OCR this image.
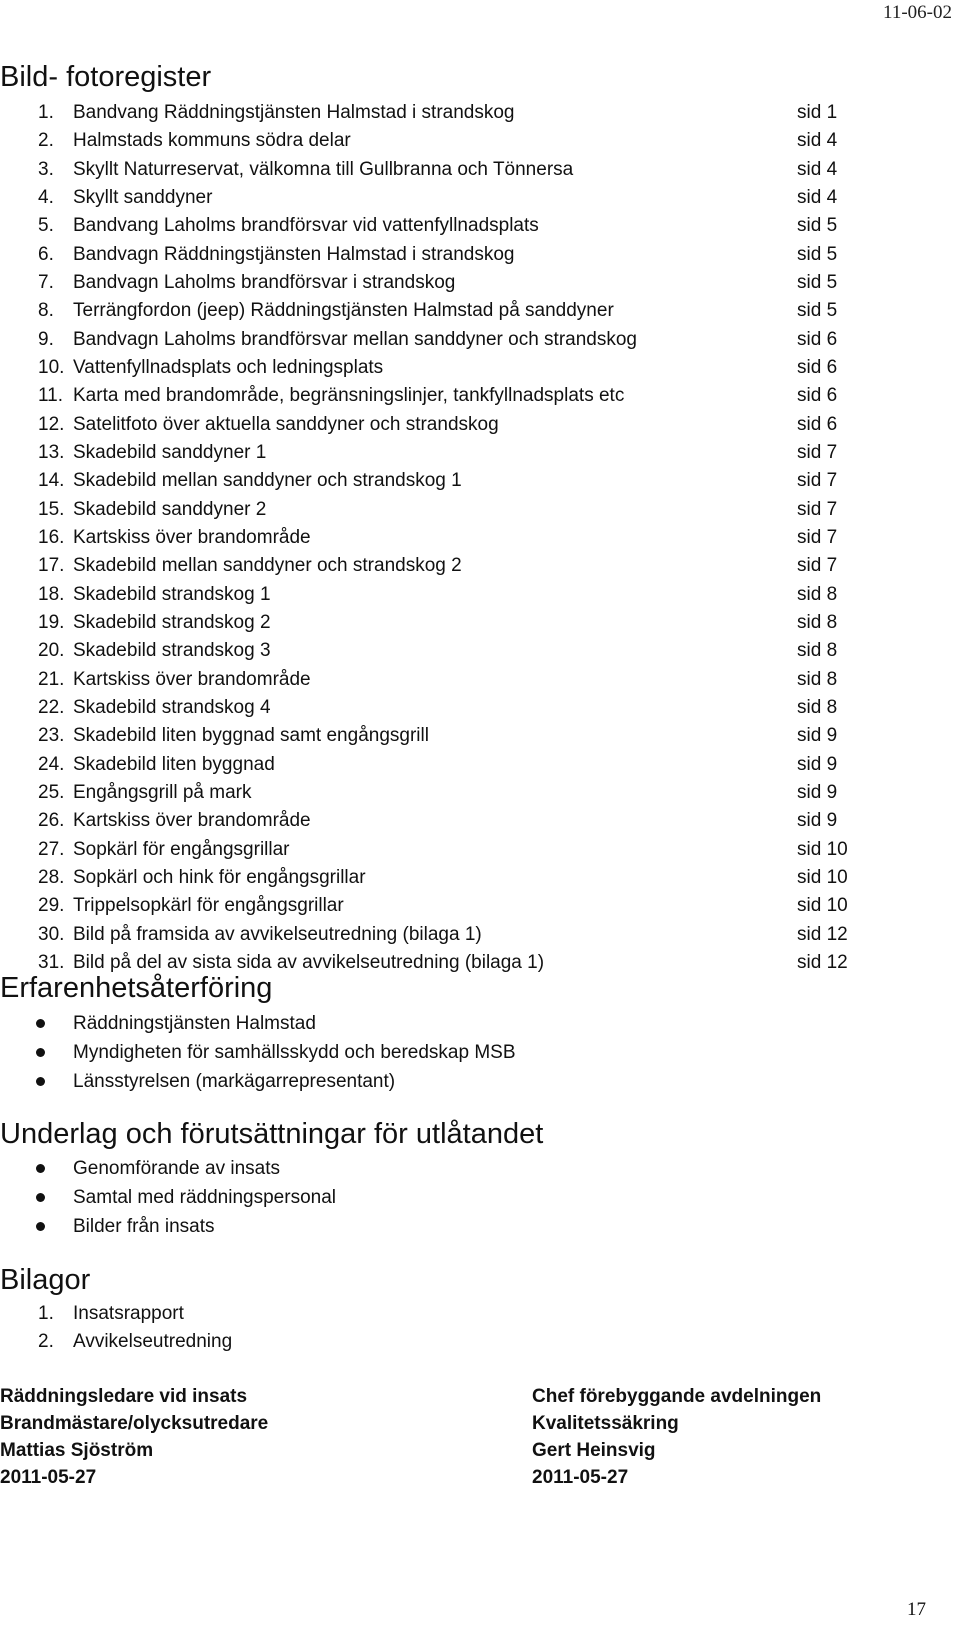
11-06-02
Bild- fotoregister
1. Bandvang Räddningstjänsten Halmstad i strandskog	sid 1
2. Halmstads kommuns södra delar	sid 4
3. Skyllt Naturreservat, välkomna till Gullbranna och Tönnersa	sid 4
4. Skyllt sanddyner	sid 4
5. Bandvang Laholms brandförsvar vid vattenfyllnadsplats	sid 5
6. Bandvagn Räddningstjänsten Halmstad i strandskog	sid 5
7. Bandvagn Laholms brandförsvar i strandskog	sid 5
8. Terrängfordon (jeep) Räddningstjänsten Halmstad på sanddyner	sid 5
9. Bandvagn Laholms brandförsvar mellan sanddyner och strandskog	sid 6
10. Vattenfyllnadsplats och ledningsplats	sid 6
11. Karta med brandområde, begränsningslinjer, tankfyllnadsplats etc	sid 6
12. Satelitfoto över aktuella sanddyner och strandskog	sid 6
13. Skadebild sanddyner 1	sid 7
14. Skadebild mellan sanddyner och strandskog 1	sid 7
15. Skadebild sanddyner 2	sid 7
16. Kartskiss över brandområde	sid 7
17. Skadebild mellan sanddyner och strandskog 2	sid 7
18. Skadebild strandskog 1	sid 8
19. Skadebild strandskog 2	sid 8
20. Skadebild strandskog 3	sid 8
21. Kartskiss över brandområde	sid 8
22. Skadebild strandskog 4	sid 8
23. Skadebild liten byggnad samt engångsgrill	sid 9
24. Skadebild liten byggnad	sid 9
25. Engångsgrill på mark	sid 9
26. Kartskiss över brandområde	sid 9
27. Sopkärl för engångsgrillar	sid 10
28. Sopkärl och hink för engångsgrillar	sid 10
29. Trippelsopkärl för engångsgrillar	sid 10
30. Bild på framsida av avvikelseutredning (bilaga 1)	sid 12
31. Bild på del av sista sida av avvikelseutredning (bilaga 1)	sid 12
Erfarenhetsåterföring
Räddningstjänsten Halmstad
Myndigheten för samhällsskydd och beredskap MSB
Länsstyrelsen (markägarrepresentant)
Underlag och förutsättningar för utlåtandet
Genomförande av insats
Samtal med räddningspersonal
Bilder från insats
Bilagor
1. Insatsrapport
2. Avvikelseutredning
Räddningsledare vid insats
Brandmästare/olycksutredare
Mattias Sjöström
2011-05-27
Chef förebyggande avdelningen
Kvalitetssäkring
Gert Heinsvig
2011-05-27
17
